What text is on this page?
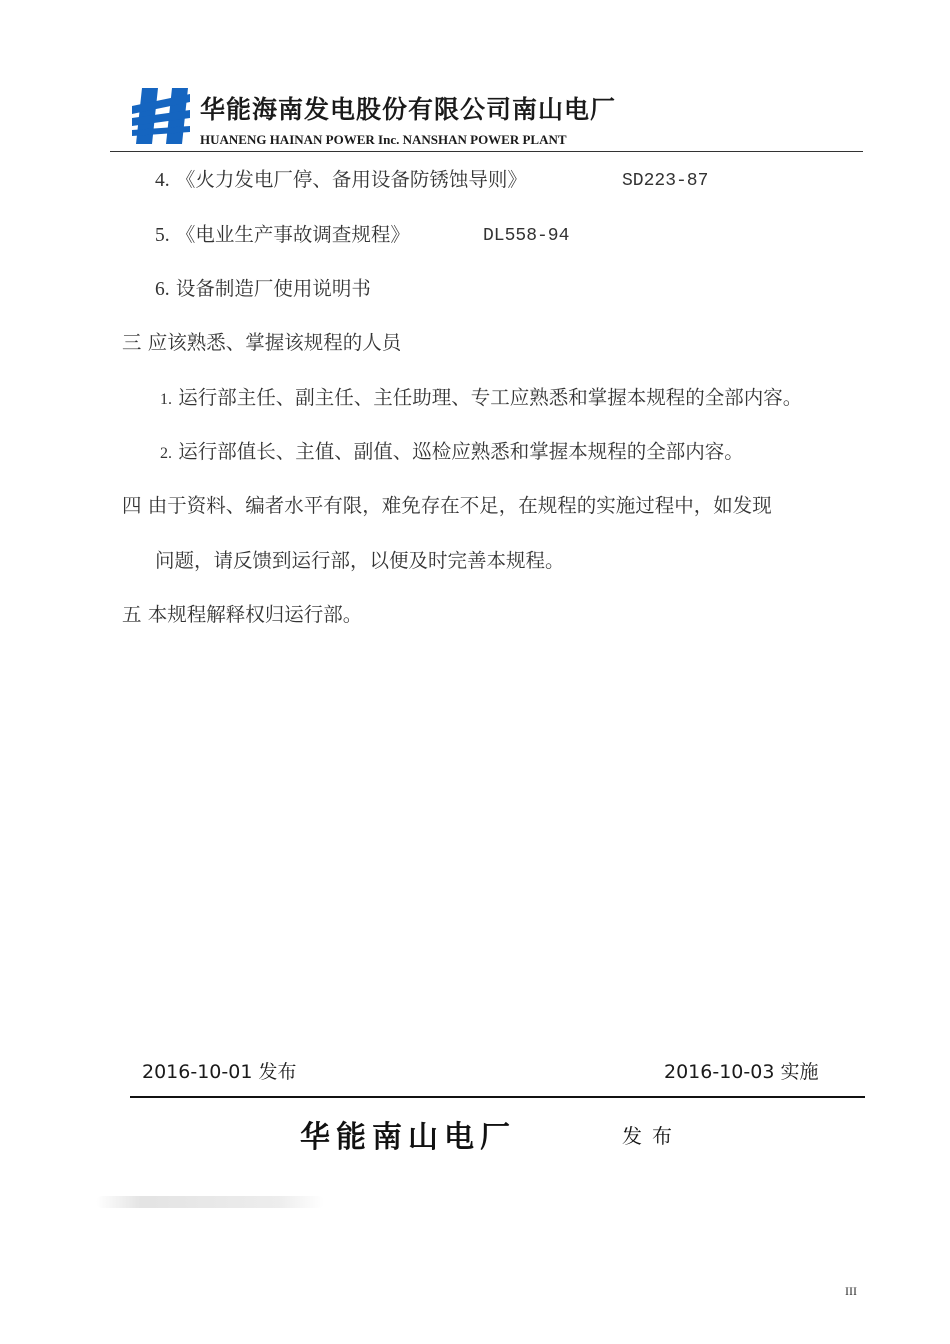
华能海南发电股份有限公司南山电厂
HUANENG HAINAN POWER Inc. NANSHAN POWER PLANT
4. 《火力发电厂停、备用设备防锈蚀导则》	SD223-87
5. 《电业生产事故调查规程》	DL558-94
6. 设备制造厂使用说明书
三 应该熟悉、掌握该规程的人员
1. 运行部主任、副主任、主任助理、专工应熟悉和掌握本规程的全部内容。
2. 运行部值长、主值、副值、巡检应熟悉和掌握本规程的全部内容。
四 由于资料、编者水平有限，难免存在不足，在规程的实施过程中，如发现
问题，请反馈到运行部，以便及时完善本规程。
五 本规程解释权归运行部。
2016-10-01 发布	2016-10-03 实施
华能南山电厂	发布
III
